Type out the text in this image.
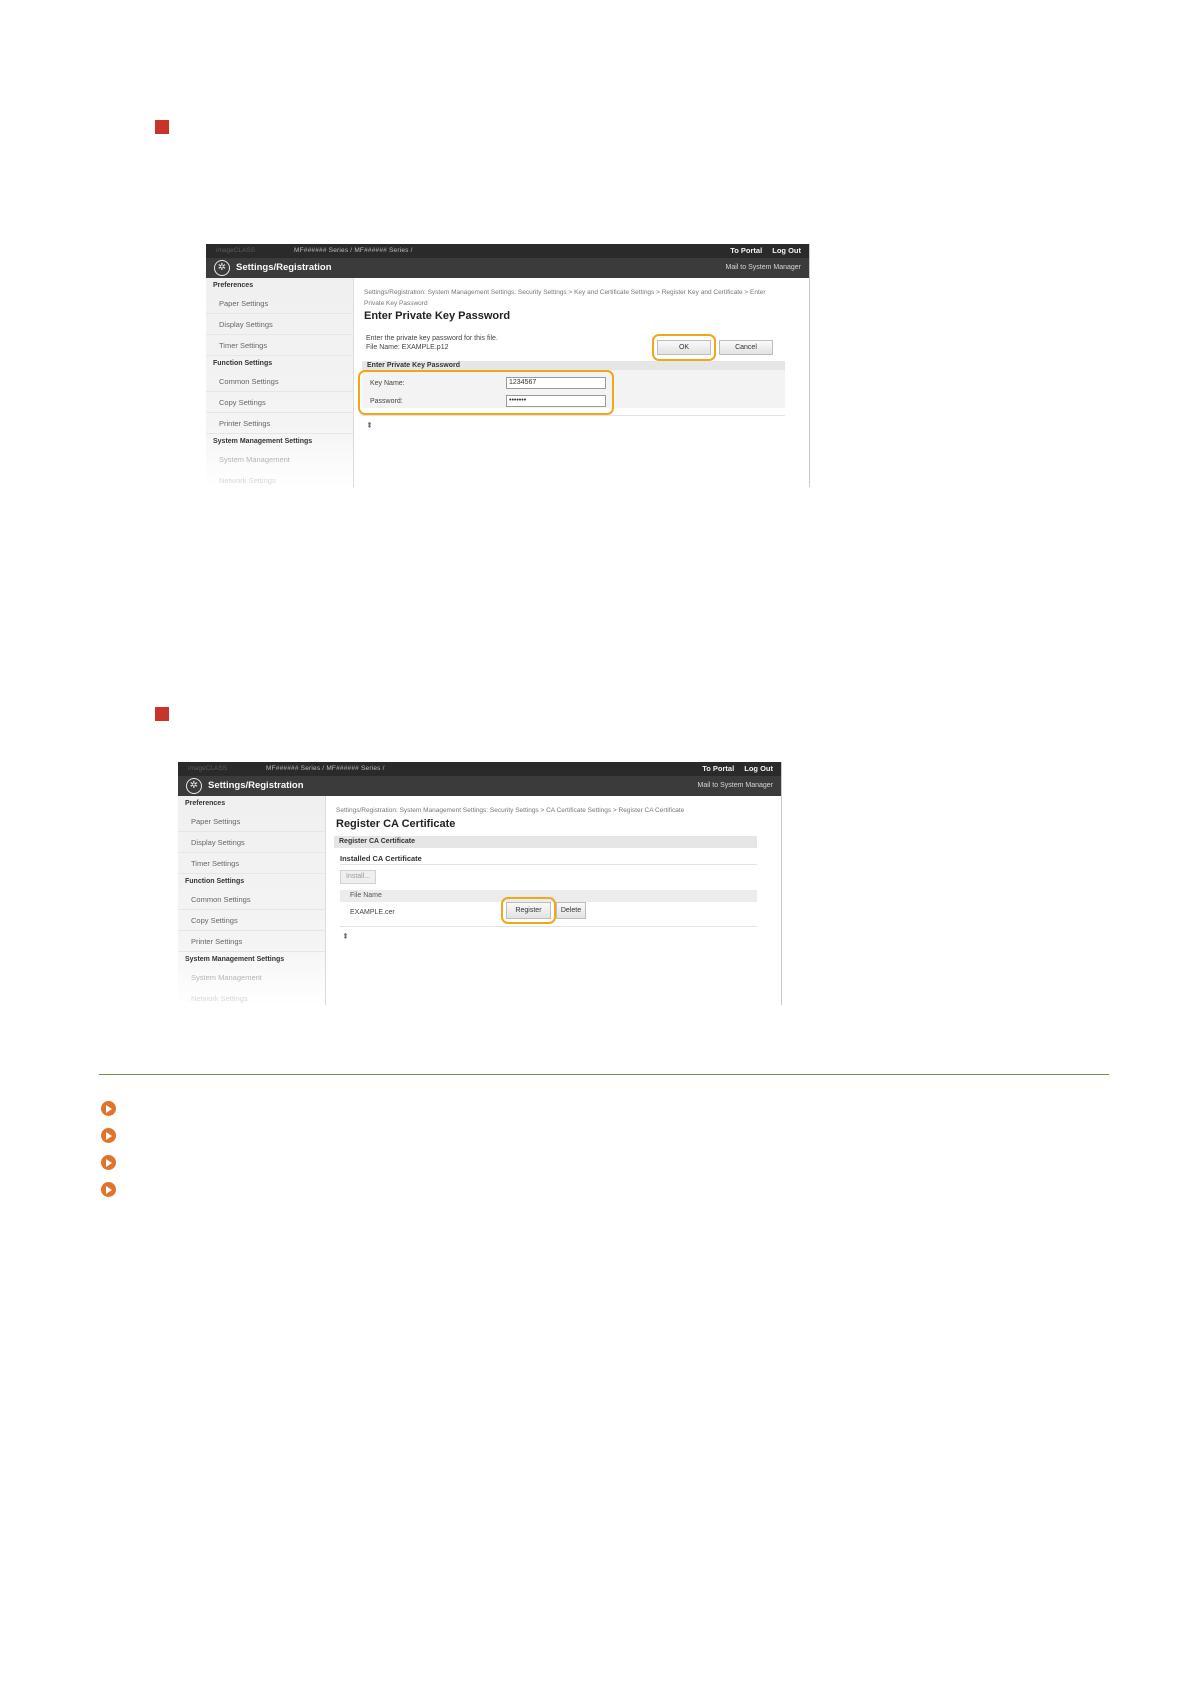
imageCLASS	MF###### Series / MF###### Series /	To Portal Log Out
✲	Settings/Registration	Mail to System Manager
Preferences
Paper Settings
Display Settings
Timer Settings
Function Settings
Common Settings
Copy Settings
Printer Settings
System Management Settings
System Management
Network Settings
Settings/Registration: System Management Settings: Security Settings > Key and Certificate Settings > Register Key and Certificate > Enter Private Key Password
Enter Private Key Password
Enter the private key password for this file.
File Name: EXAMPLE.p12	OK	Cancel
Enter Private Key Password
Key Name:	1234567
Password:	•••••••
⇞
imageCLASS	MF###### Series / MF###### Series /	To Portal Log Out
✲	Settings/Registration	Mail to System Manager
Preferences
Paper Settings
Display Settings
Timer Settings
Function Settings
Common Settings
Copy Settings
Printer Settings
System Management Settings
System Management
Network Settings
Settings/Registration: System Management Settings: Security Settings > CA Certificate Settings > Register CA Certificate
Register CA Certificate
Register CA Certificate
Installed CA Certificate
Install...
File Name
EXAMPLE.cer	Register	Delete
⇞
